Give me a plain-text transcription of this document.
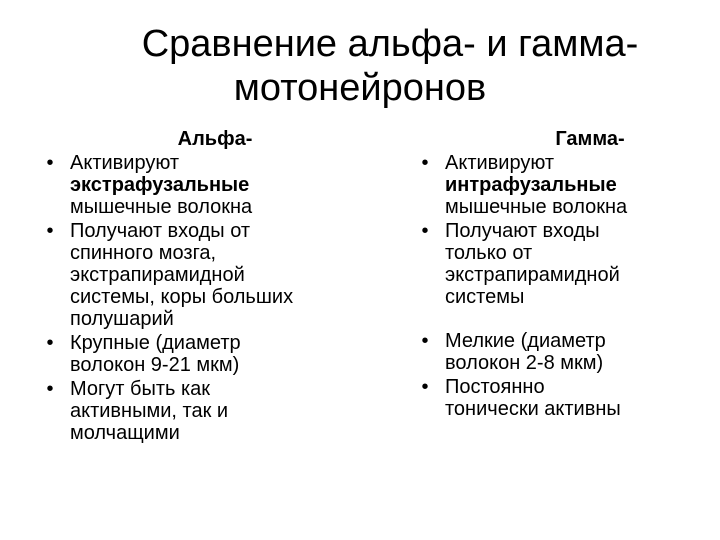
Сравнение альфа- и гамма-
мотонейронов
Альфа-
• Активируют
экстрафузальные
мышечные волокна
• Получают входы от
спинного мозга,
экстрапирамидной
системы, коры больших
полушарий
• Крупные (диаметр
волокон 9-21 мкм)
• Могут быть как
активными, так и
молчащими
Гамма-
• Активируют
интрафузальные
мышечные волокна
• Получают входы
только от
экстрапирамидной
системы
• Мелкие (диаметр
волокон 2-8 мкм)
• Постоянно
тонически активны
